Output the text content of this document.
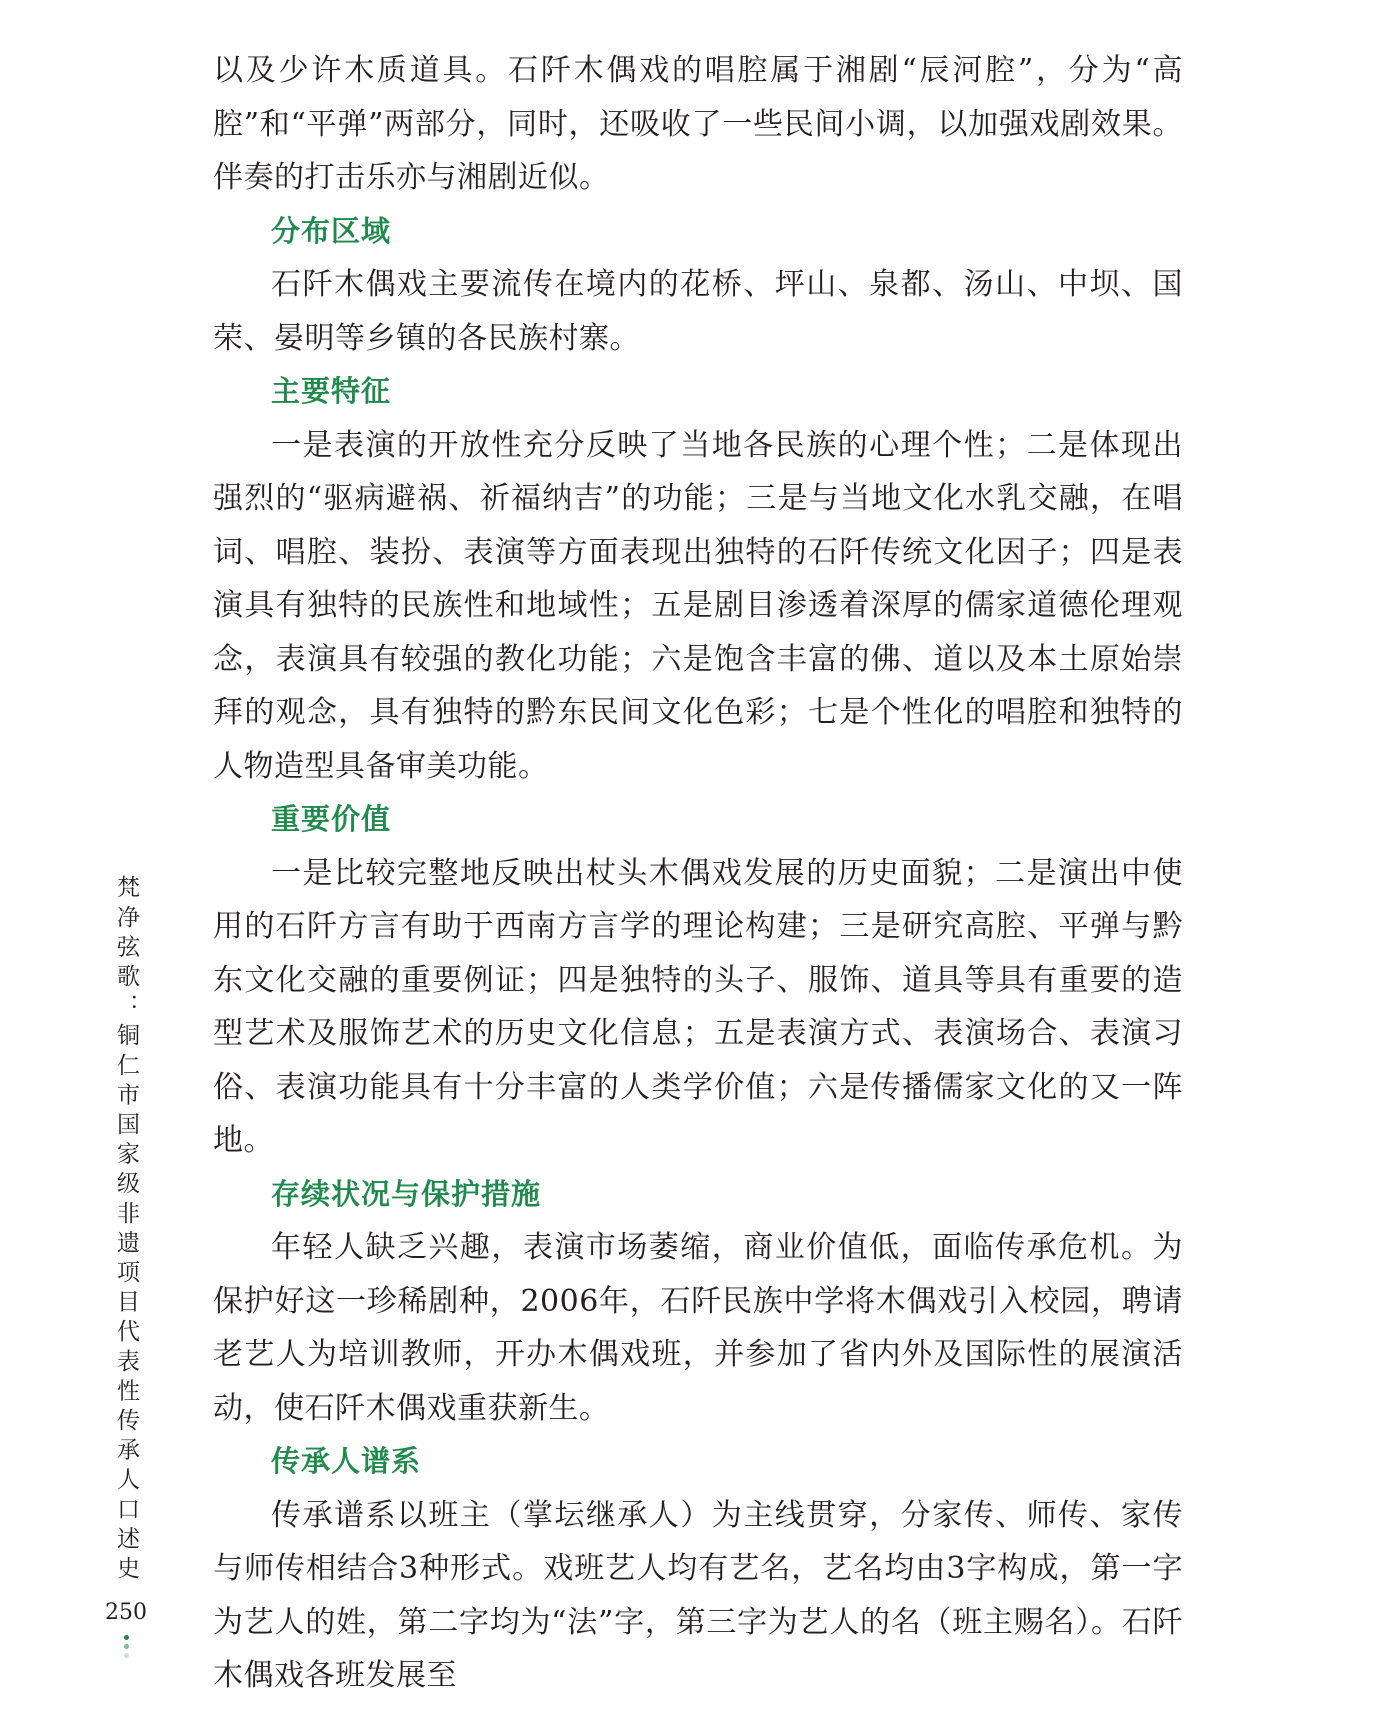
以及少许木质道具。石阡木偶戏的唱腔属于湘剧“辰河腔”，分为“高腔”和“平弹”两部分，同时，还吸收了一些民间小调，以加强戏剧效果。伴奏的打击乐亦与湘剧近似。

分布区域

石阡木偶戏主要流传在境内的花桥、坪山、泉都、汤山、中坝、国荣、晏明等乡镇的各民族村寨。

主要特征

一是表演的开放性充分反映了当地各民族的心理个性；二是体现出强烈的“驱病避祸、祈福纳吉”的功能；三是与当地文化水乳交融，在唱词、唱腔、装扮、表演等方面表现出独特的石阡传统文化因子；四是表演具有独特的民族性和地域性；五是剧目渗透着深厚的儒家道德伦理观念，表演具有较强的教化功能；六是饱含丰富的佛、道以及本土原始崇拜的观念，具有独特的黔东民间文化色彩；七是个性化的唱腔和独特的人物造型具备审美功能。

重要价值

一是比较完整地反映出杖头木偶戏发展的历史面貌；二是演出中使用的石阡方言有助于西南方言学的理论构建；三是研究高腔、平弹与黔东文化交融的重要例证；四是独特的头子、服饰、道具等具有重要的造型艺术及服饰艺术的历史文化信息；五是表演方式、表演场合、表演习俗、表演功能具有十分丰富的人类学价值；六是传播儒家文化的又一阵地。

存续状况与保护措施

年轻人缺乏兴趣，表演市场萎缩，商业价值低，面临传承危机。为保护好这一珍稀剧种，2006年，石阡民族中学将木偶戏引入校园，聘请老艺人为培训教师，开办木偶戏班，并参加了省内外及国际性的展演活动，使石阡木偶戏重获新生。

传承人谱系

传承谱系以班主（掌坛继承人）为主线贯穿，分家传、师传、家传与师传相结合3种形式。戏班艺人均有艺名，艺名均由3字构成，第一字为艺人的姓，第二字均为“法”字，第三字为艺人的名（班主赐名）。石阡木偶戏各班发展至

梵净弦歌：铜仁市国家级非遗项目代表性传承人口述史
250
